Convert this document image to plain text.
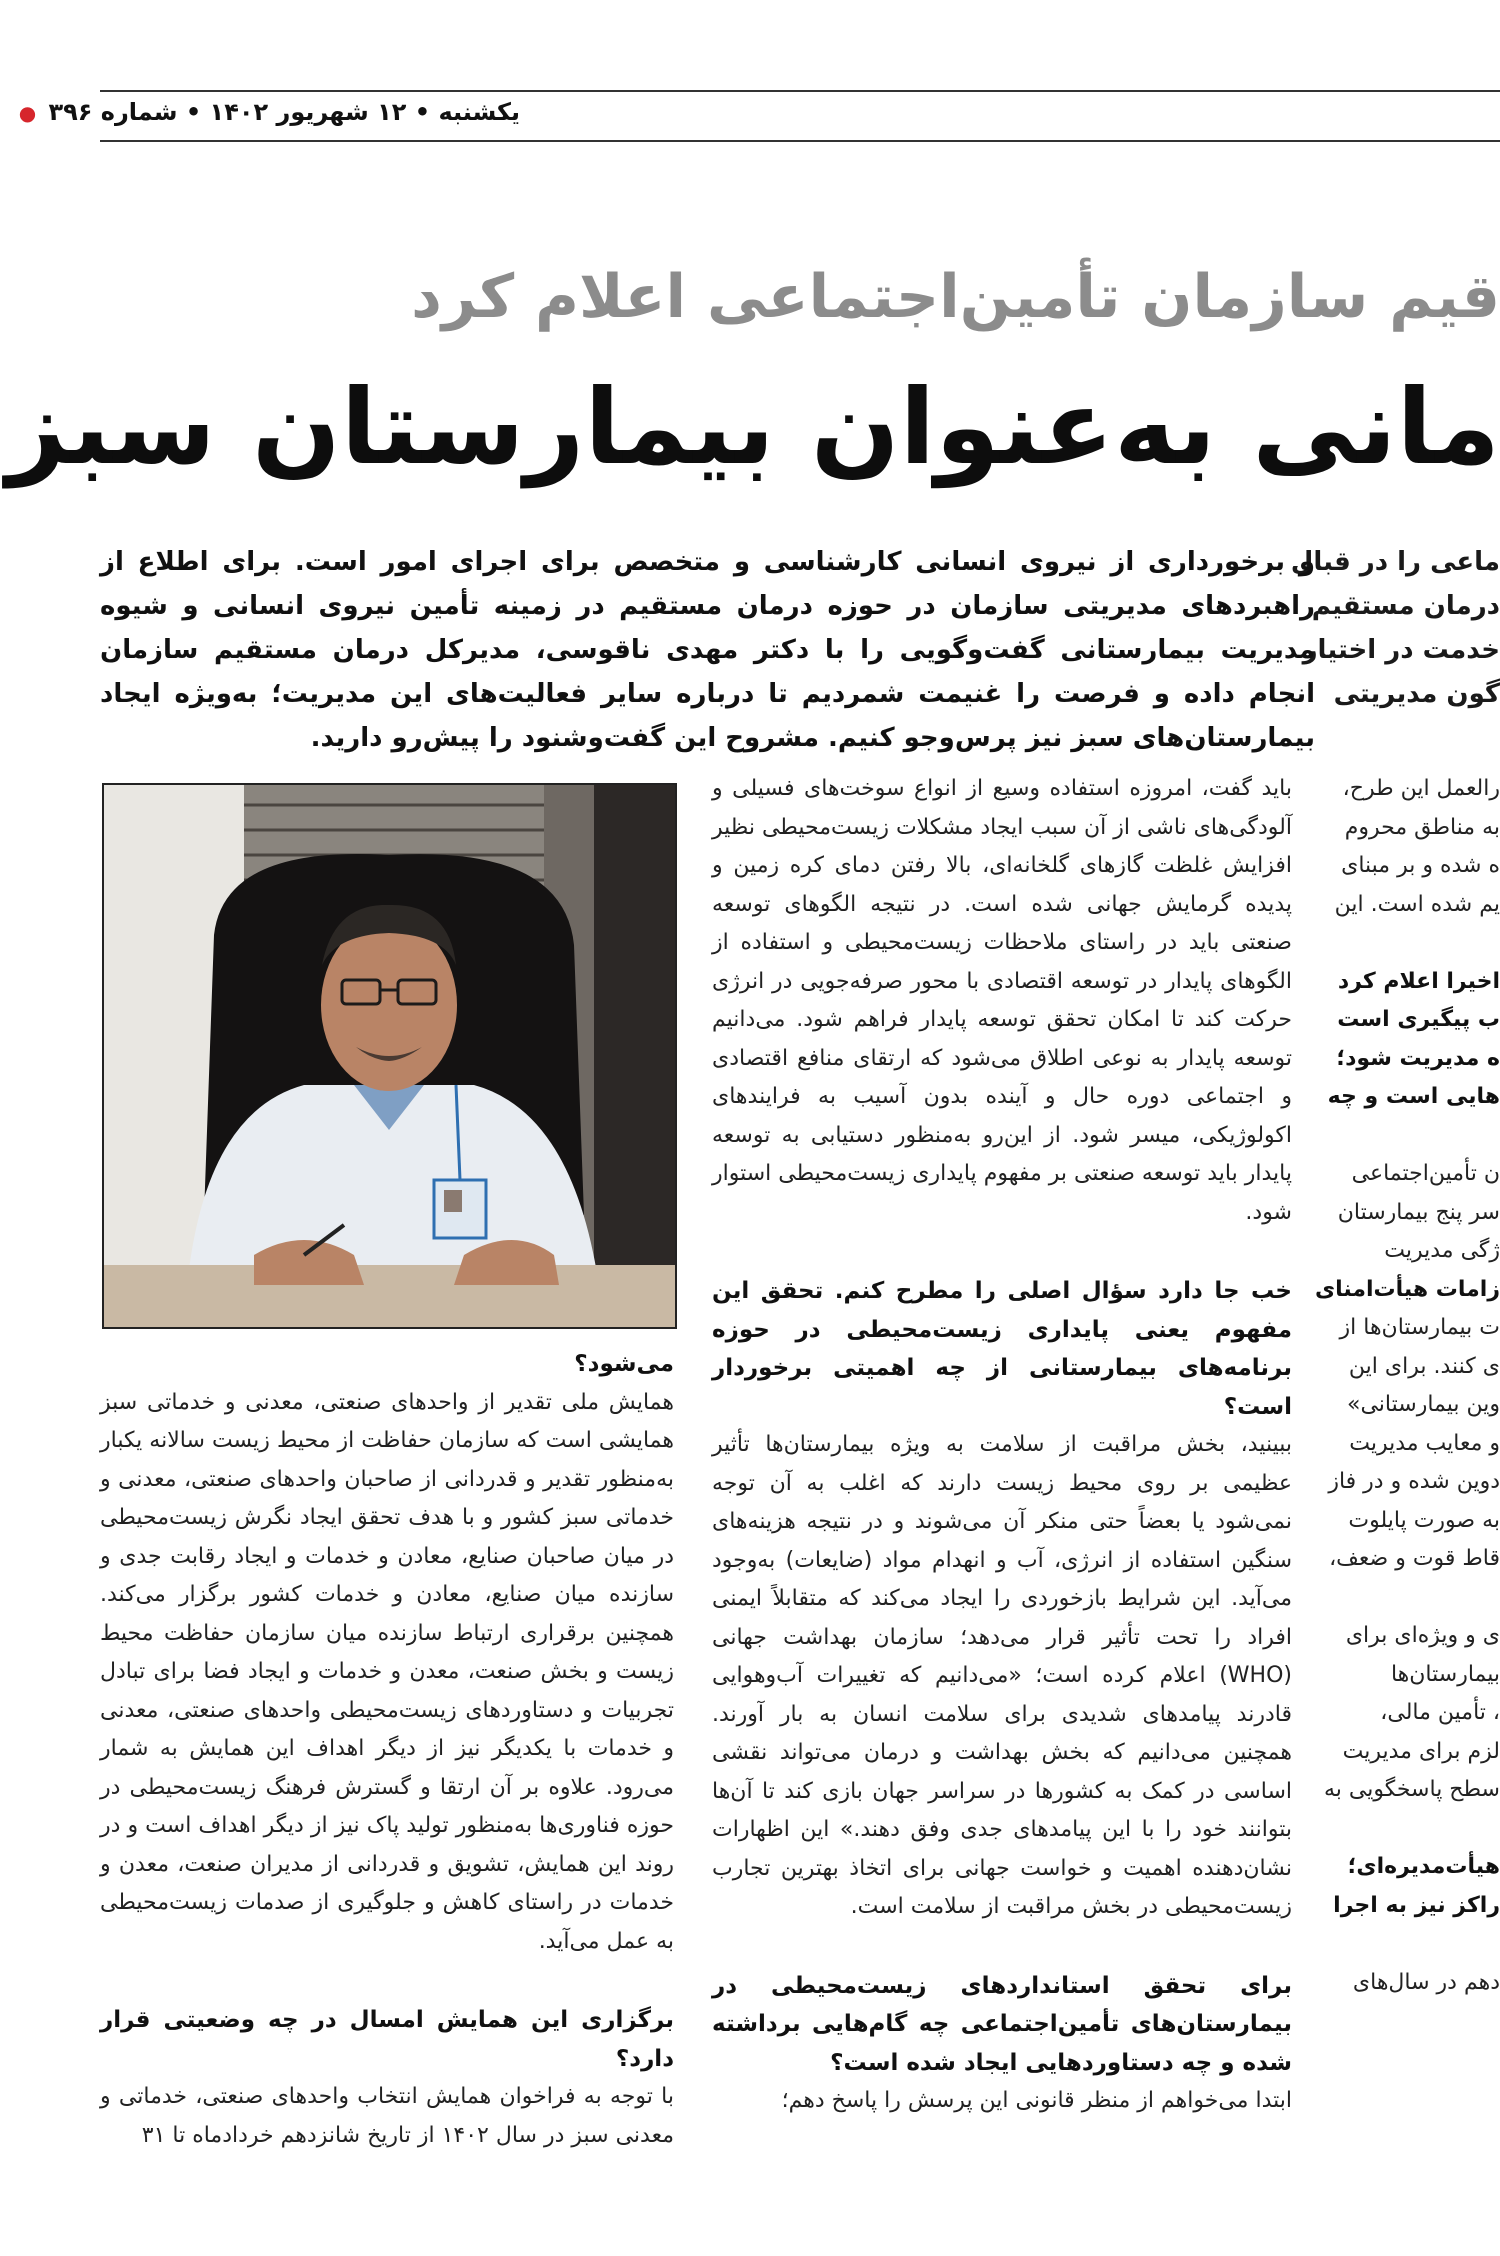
یکشنبه • ۱۲ شهریور ۱۴۰۲ • شماره ۳۹۶ ●
قیم سازمان تأمین‌اجتماعی اعلام کرد
مانی به‌عنوان بیمارستان سبز
ماعی را در قبال
درمان مستقیم
خدمت در اختیار
گون مدیریتی

و برخورداری از نیروی انسانی کارشناسی و متخصص برای اجرای امور است. برای اطلاع از راهبردهای مدیریتی سازمان در حوزه درمان مستقیم در زمینه تأمین نیروی انسانی و شیوه مدیریت بیمارستانی گفت‌وگویی را با دکتر مهدی ناقوسی، مدیرکل درمان مستقیم سازمان انجام داده و فرصت را غنیمت شمردیم تا درباره سایر فعالیت‌های این مدیریت؛ به‌ویژه ایجاد بیمارستان‌های سبز نیز پرس‌وجو کنیم. مشروح این گفت‌وشنود را پیش‌رو دارید.

باید گفت، امروزه استفاده وسیع از انواع سوخت‌های فسیلی و آلودگی‌های ناشی از آن سبب ایجاد مشکلات زیست‌محیطی نظیر افزایش غلظت گازهای گلخانه‌ای، بالا رفتن دمای کره زمین و پدیده گرمایش جهانی شده است. در نتیجه الگوهای توسعه صنعتی باید در راستای ملاحظات زیست‌محیطی و استفاده از الگوهای پایدار در توسعه اقتصادی با محور صرفه‌جویی در انرژی حرکت کند تا امکان تحقق توسعه پایدار فراهم شود. می‌دانیم توسعه پایدار به نوعی اطلاق می‌شود که ارتقای منافع اقتصادی و اجتماعی دوره حال و آینده بدون آسیب به فرایندهای اکولوژیکی، میسر شود. از این‌رو به‌منظور دستیابی به توسعه پایدار باید توسعه صنعتی بر مفهوم پایداری زیست‌محیطی استوار شود.

خب جا دارد سؤال اصلی را مطرح کنم. تحقق این مفهوم یعنی پایداری زیست‌محیطی در حوزه برنامه‌های بیمارستانی از چه اهمیتی برخوردار است؟

ببینید، بخش مراقبت از سلامت به ویژه بیمارستان‌ها تأثیر عظیمی بر روی محیط زیست دارند که اغلب به آن توجه نمی‌شود یا بعضاً حتی منکر آن می‌شوند و در نتیجه هزینه‌های سنگین استفاده از انرژی، آب و انهدام مواد (ضایعات) به‌وجود می‌آید. این شرایط بازخوردی را ایجاد می‌کند که متقابلاً ایمنی افراد را تحت تأثیر قرار می‌دهد؛ سازمان بهداشت جهانی (WHO) اعلام کرده است؛ «می‌دانیم که تغییرات آب‌وهوایی قادرند پیامدهای شدیدی برای سلامت انسان به بار آورند. همچنین می‌دانیم که بخش بهداشت و درمان می‌تواند نقشی اساسی در کمک به کشورها در سراسر جهان بازی کند تا آن‌ها بتوانند خود را با این پیامدهای جدی وفق دهند.» این اظهارات نشان‌دهنده اهمیت و خواست جهانی برای اتخاذ بهترین تجارب زیست‌محیطی در بخش مراقبت از سلامت است.

برای تحقق استانداردهای زیست‌محیطی در بیمارستان‌های تأمین‌اجتماعی چه گام‌هایی برداشته شده و چه دستاوردهایی ایجاد شده است؟

ابتدا می‌خواهم از منظر قانونی این پرسش را پاسخ دهم؛

می‌شود؟

همایش ملی تقدیر از واحدهای صنعتی، معدنی و خدماتی سبز همایشی است که سازمان حفاظت از محیط زیست سالانه یکبار به‌منظور تقدیر و قدردانی از صاحبان واحدهای صنعتی، معدنی و خدماتی سبز کشور و با هدف تحقق ایجاد نگرش زیست‌محیطی در میان صاحبان صنایع، معادن و خدمات و ایجاد رقابت جدی و سازنده میان صنایع، معادن و خدمات کشور برگزار می‌کند. همچنین برقراری ارتباط سازنده میان سازمان حفاظت محیط زیست و بخش صنعت، معدن و خدمات و ایجاد فضا برای تبادل تجربیات و دستاوردهای زیست‌محیطی واحدهای صنعتی، معدنی و خدمات با یکدیگر نیز از دیگر اهداف این همایش به شمار می‌رود. علاوه بر آن ارتقا و گسترش فرهنگ زیست‌محیطی در حوزه فناوری‌ها به‌منظور تولید پاک نیز از دیگر اهداف است و در روند این همایش، تشویق و قدردانی از مدیران صنعت، معدن و خدمات در راستای کاهش و جلوگیری از صدمات زیست‌محیطی به عمل می‌آید.

برگزاری این همایش امسال در چه وضعیتی قرار دارد؟

با توجه به فراخوان همایش انتخاب واحدهای صنعتی، خدماتی و معدنی سبز در سال ۱۴۰۲ از تاریخ شانزدهم خردادماه تا ۳۱

رالعمل این طرح،

به مناطق محروم

ه شده و بر مبنای

یم شده است. این

اخیرا اعلام کرد

ب پیگیری است

ه مدیریت شود؛

هایی است و چه

ن تأمین‌اجتماعی

سر پنج بیمارستان

ژگی مدیریت

زامات هیأت‌امنای

ت بیمارستان‌ها از

ی کنند. برای این

وین بیمارستانی»

و معایب مدیریت

دوین شده و در فاز

به صورت پایلوت

قاط قوت و ضعف،

ی و ویژه‌ای برای

بیمارستان‌ها

، تأمین مالی،

لزم برای مدیریت

سطح پاسخگویی به

هیأت‌مدیره‌ای؛

راکز نیز به اجرا

دهم در سال‌های
